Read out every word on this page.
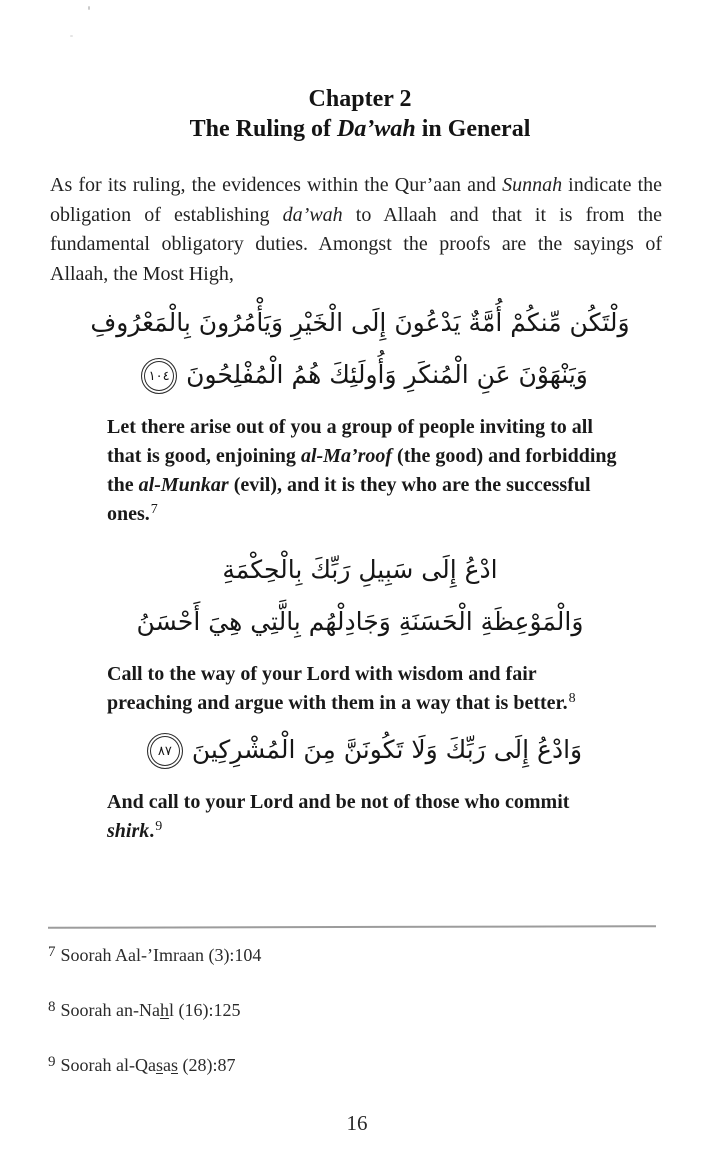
Chapter 2
The Ruling of Da’wah in General

As for its ruling, the evidences within the Qur’aan and Sunnah indicate the obligation of establishing da’wah to Allaah and that it is from the fundamental obligatory duties. Amongst the proofs are the sayings of Allaah, the Most High,

وَلْتَكُن مِّنكُمْ أُمَّةٌ يَدْعُونَ إِلَى الْخَيْرِ وَيَأْمُرُونَ بِالْمَعْرُوفِ
وَيَنْهَوْنَ عَنِ الْمُنكَرِ وَأُولَئِكَ هُمُ الْمُفْلِحُونَ
١٠٤

Let there arise out of you a group of people inviting to all that is good, enjoining al-Ma’roof (the good) and forbidding the al-Munkar (evil), and it is they who are the successful ones.$^7$

ادْعُ إِلَى سَبِيلِ رَبِّكَ بِالْحِكْمَةِ
وَالْمَوْعِظَةِ الْحَسَنَةِ وَجَادِلْهُم بِالَّتِي هِيَ أَحْسَنُ

Call to the way of your Lord with wisdom and fair preaching and argue with them in a way that is better.$^8$

وَادْعُ إِلَى رَبِّكَ وَلَا تَكُونَنَّ مِنَ الْمُشْرِكِينَ
٨٧

And call to your Lord and be not of those who commit shirk.$^9$

$^7$ Soorah Aal-’Imraan (3):104
$^8$ Soorah an-Nahl (16):125
$^9$ Soorah al-Qasas (28):87
16
